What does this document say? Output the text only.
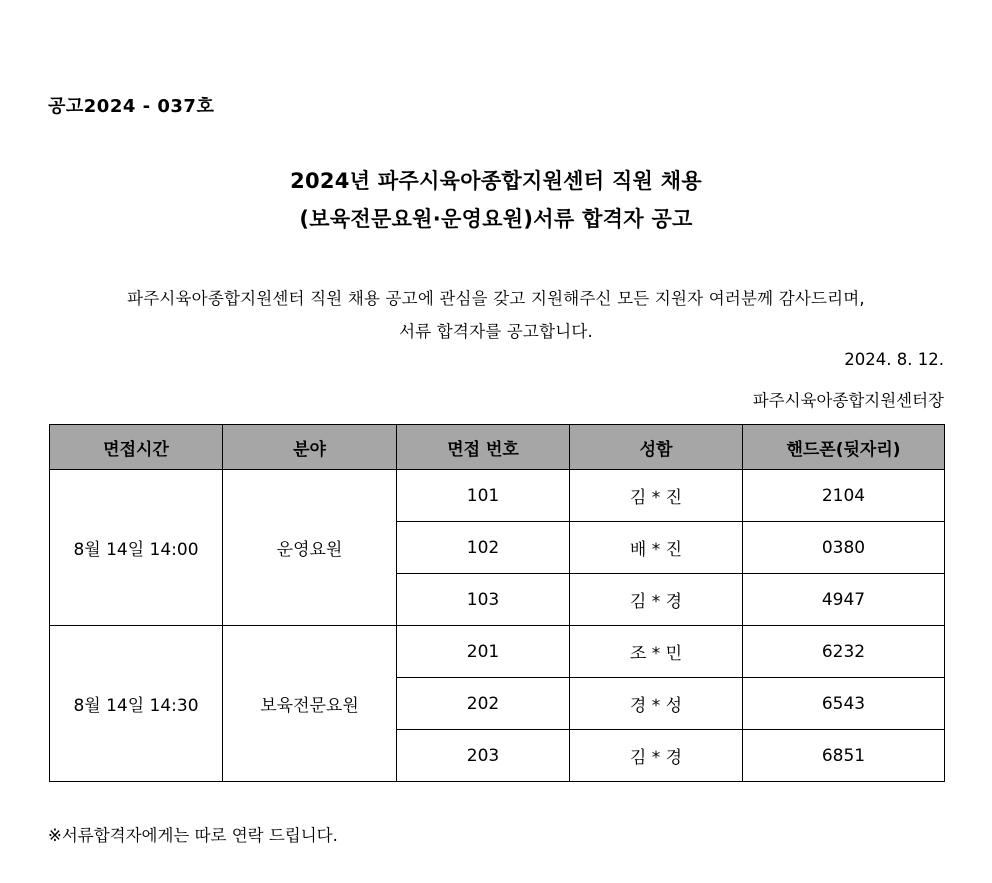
공고2024 - 037호
2024년 파주시육아종합지원센터 직원 채용
(보육전문요원·운영요원)서류 합격자 공고
파주시육아종합지원센터 직원 채용 공고에 관심을 갖고 지원해주신 모든 지원자 여러분께 감사드리며,
서류 합격자를 공고합니다.
2024. 8. 12.
파주시육아종합지원센터장
면접시간	분야	면접 번호	성함	핸드폰(뒷자리)
8월 14일 14:00	운영요원	101	김 * 진	2104
		102	배 * 진	0380
		103	김 * 경	4947
8월 14일 14:30	보육전문요원	201	조 * 민	6232
		202	경 * 성	6543
		203	김 * 경	6851
※서류합격자에게는 따로 연락 드립니다.
